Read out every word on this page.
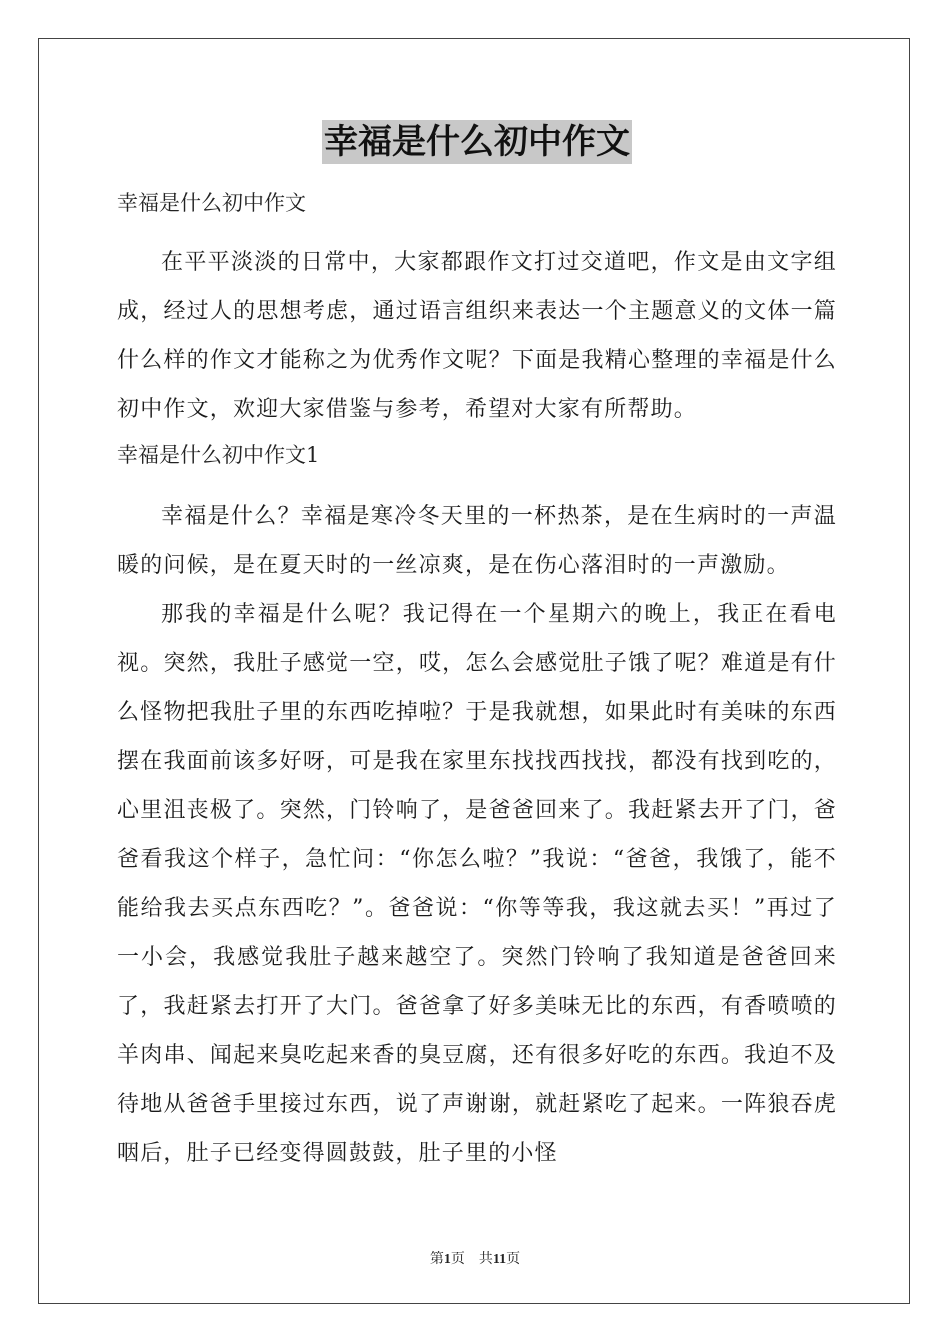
幸福是什么初中作文
幸福是什么初中作文

在平平淡淡的日常中，大家都跟作文打过交道吧，作文是由文字组成，经过人的思想考虑，通过语言组织来表达一个主题意义的文体一篇什么样的作文才能称之为优秀作文呢？下面是我精心整理的幸福是什么初中作文，欢迎大家借鉴与参考，希望对大家有所帮助。

幸福是什么初中作文1

幸福是什么？幸福是寒冷冬天里的一杯热茶，是在生病时的一声温暖的问候，是在夏天时的一丝凉爽，是在伤心落泪时的一声激励。

那我的幸福是什么呢？我记得在一个星期六的晚上，我正在看电视。突然，我肚子感觉一空，哎，怎么会感觉肚子饿了呢？难道是有什么怪物把我肚子里的东西吃掉啦？于是我就想，如果此时有美味的东西摆在我面前该多好呀，可是我在家里东找找西找找，都没有找到吃的，心里沮丧极了。突然，门铃响了，是爸爸回来了。我赶紧去开了门，爸爸看我这个样子，急忙问：“你怎么啦？”我说：“爸爸，我饿了，能不能给我去买点东西吃？”。爸爸说：“你等等我，我这就去买！”再过了一小会，我感觉我肚子越来越空了。突然门铃响了我知道是爸爸回来了，我赶紧去打开了大门。爸爸拿了好多美味无比的东西，有香喷喷的羊肉串、闻起来臭吃起来香的臭豆腐，还有很多好吃的东西。我迫不及待地从爸爸手里接过东西，说了声谢谢，就赶紧吃了起来。一阵狼吞虎咽后，肚子已经变得圆鼓鼓，肚子里的小怪

第1页 共11页
